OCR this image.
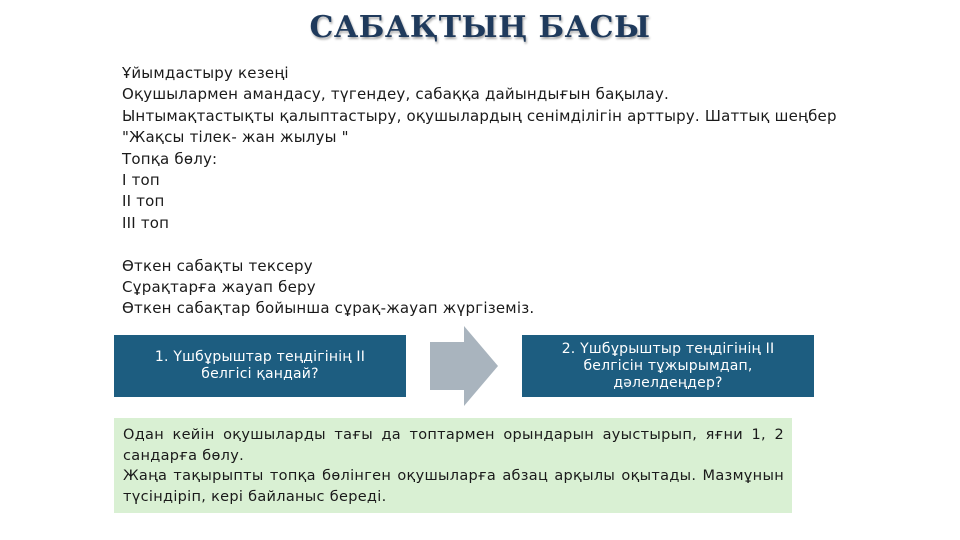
САБАҚТЫҢ БАСЫ
Ұйымдастыру кезеңі
Оқушылармен амандасу, түгендеу, сабаққа дайындығын бақылау.
Ынтымақтастықты қалыптастыру, оқушылардың сенімділігін арттыру. Шаттық шеңбер "Жақсы тілек- жан жылуы "
Топқа бөлу:
I топ
II топ
III топ
Өткен сабақты тексеру
Сұрақтарға жауап беру
Өткен сабақтар бойынша сұрақ-жауап жүргіземіз.
1. Үшбұрыштар теңдігінің II белгісі қандай?
2. Үшбұрыштыр теңдігінің II белгісін тұжырымдап, дәлелдеңдер?

Одан кейін оқушыларды тағы да топтармен орындарын ауыстырып, яғни 1, 2 сандарға бөлу.

Жаңа тақырыпты топқа бөлінген оқушыларға абзац арқылы оқытады. Мазмұнын түсіндіріп, кері байланыс береді.
